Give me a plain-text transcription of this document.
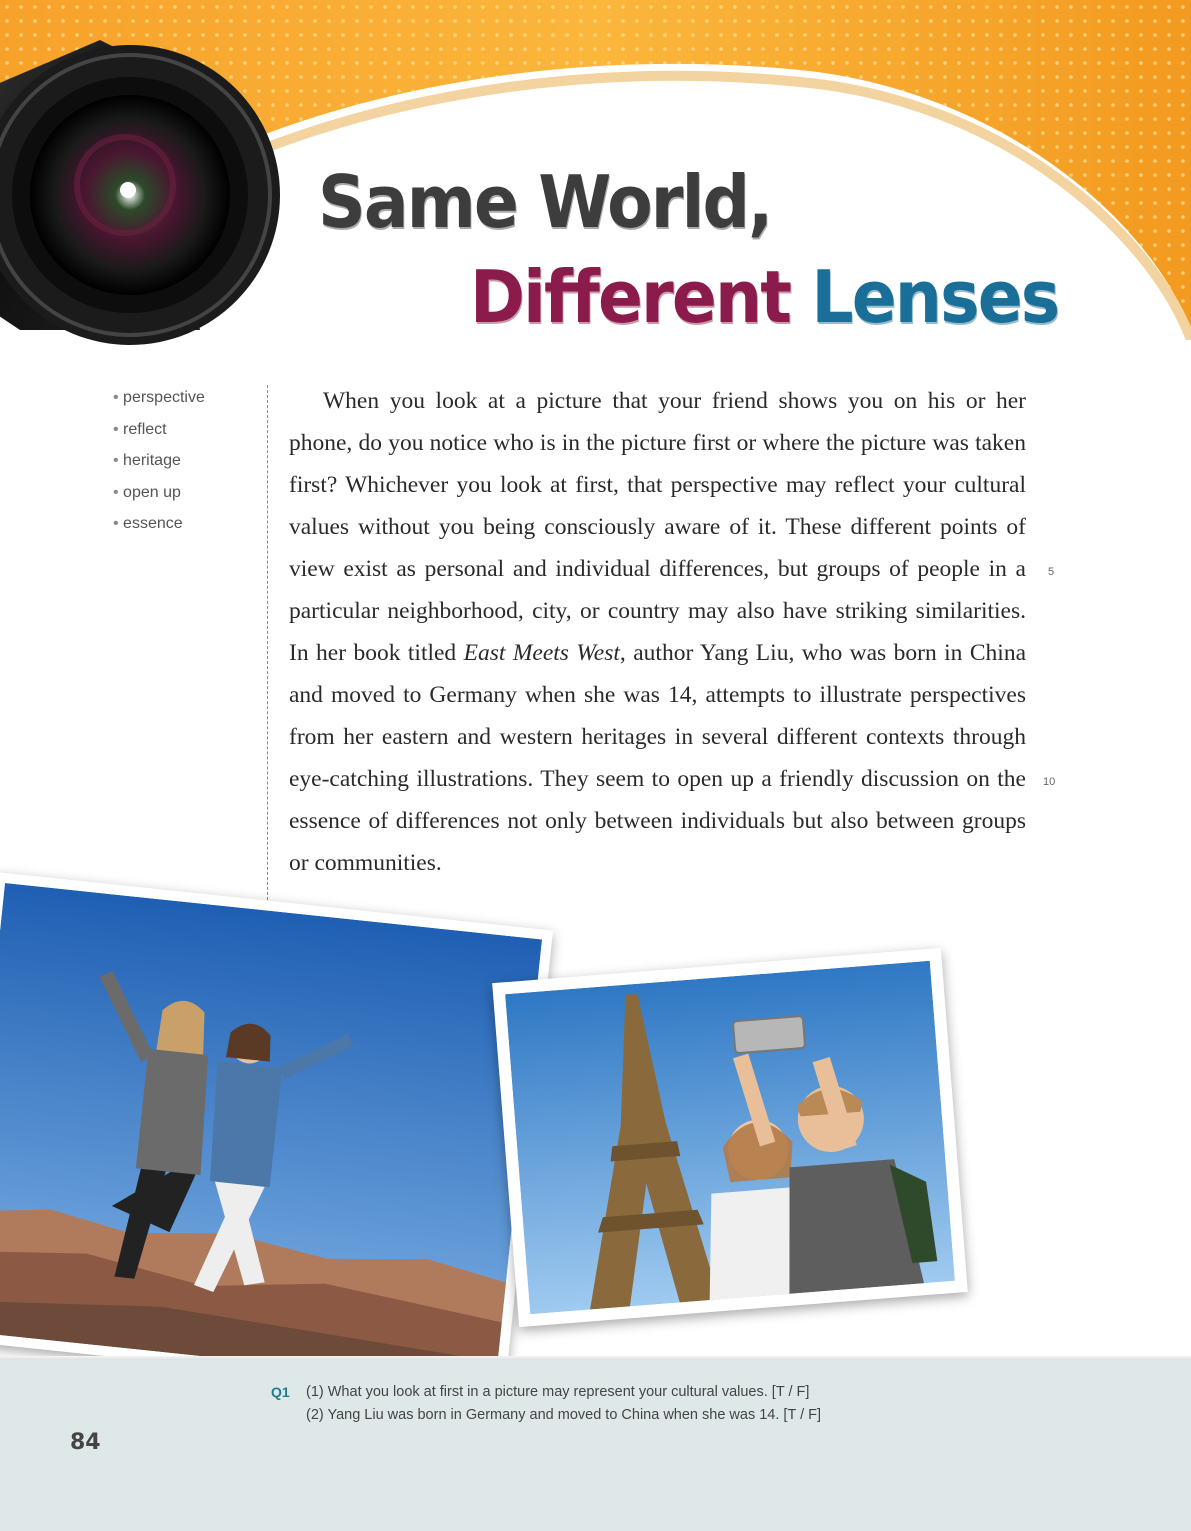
Same World,
Different Lenses
• perspective
• reflect
• heritage
• open up
• essence

When you look at a picture that your friend shows you on his or her phone, do you notice who is in the picture first or where the picture was taken first? Whichever you look at first, that perspective may reflect your cultural values without you being consciously aware of it. These different points of view exist as personal and individual differences, but groups of people in a particular neighborhood, city, or country may also have striking similarities. In her book titled East Meets West, author Yang Liu, who was born in China and moved to Germany when she was 14, attempts to illustrate perspectives from her eastern and western heritages in several different contexts through eye-catching illustrations. They seem to open up a friendly discussion on the essence of differences not only between individuals but also between groups or communities.

5
10
Q1 (1) What you look at first in a picture may represent your cultural values. [T / F]
(2) Yang Liu was born in Germany and moved to China when she was 14. [T / F]
84
